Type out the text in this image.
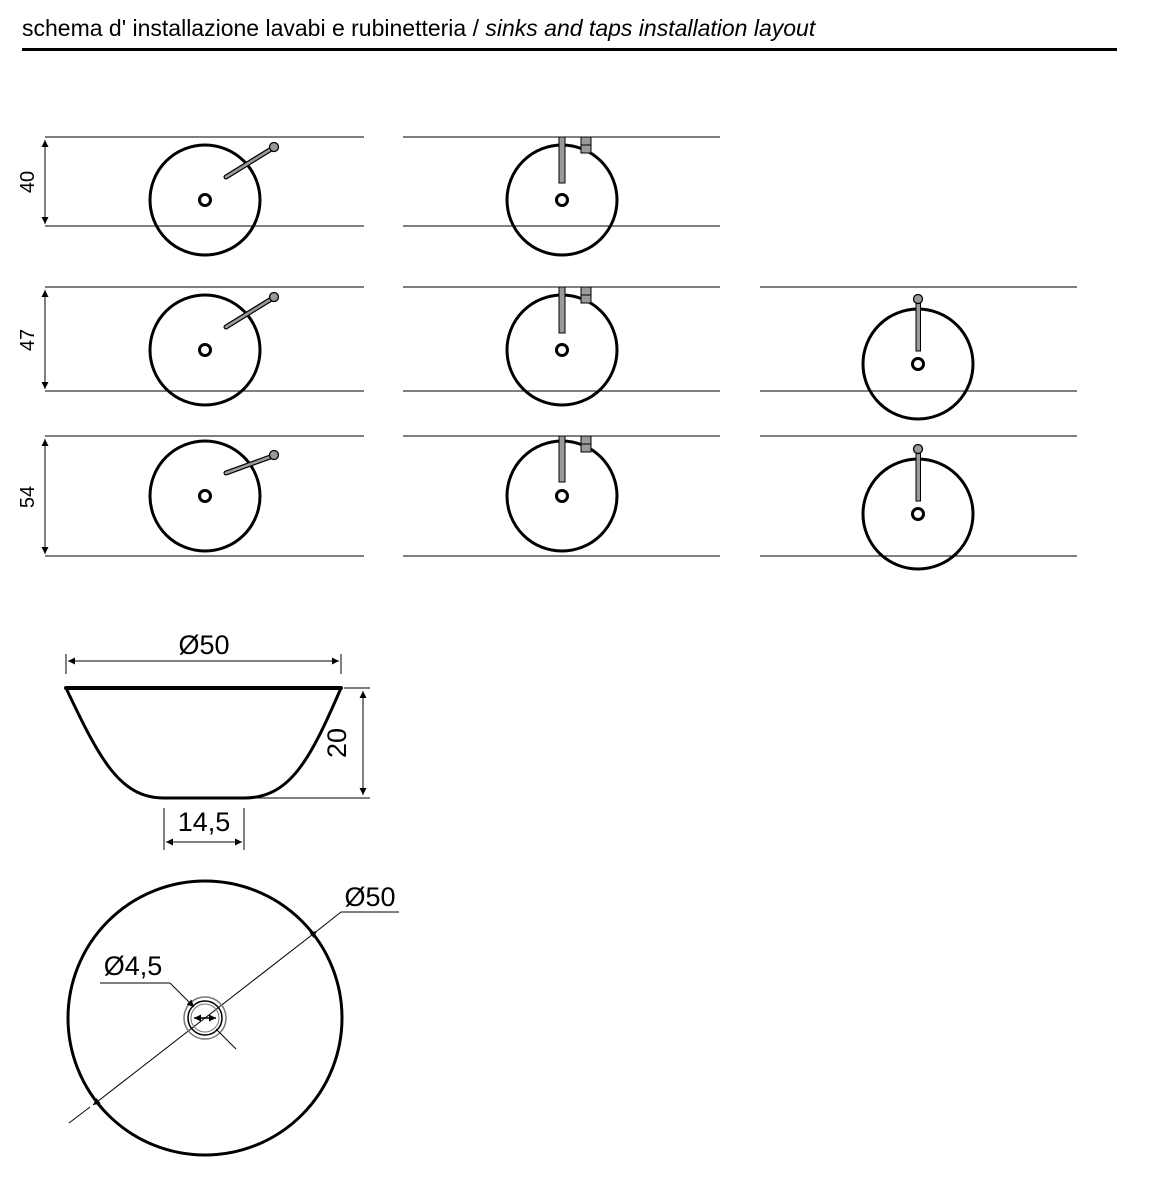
schema d' installazione lavabi e rubinetteria / sinks and taps installation layout
40
47
54
Ø50
20
14,5
Ø50
Ø4,5
